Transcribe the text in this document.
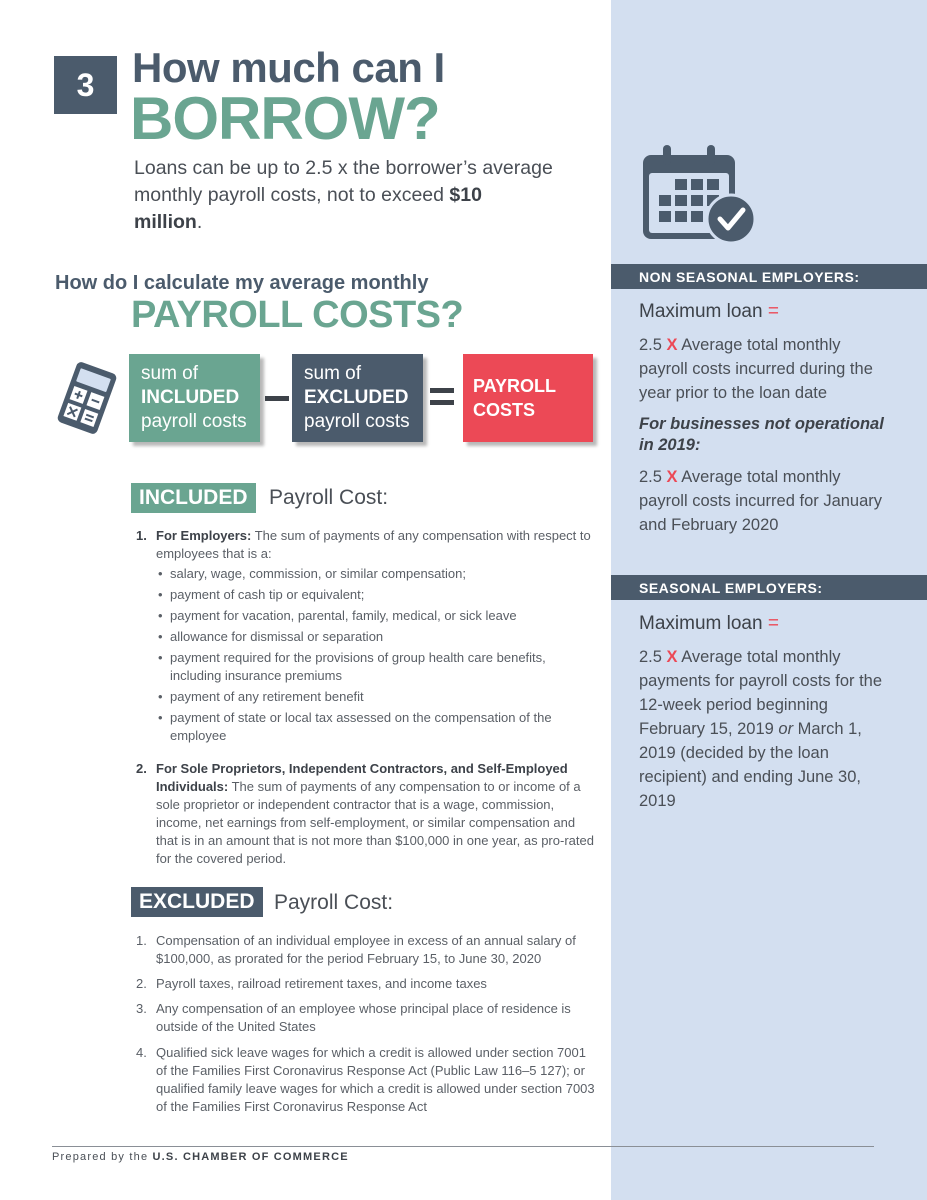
3 How much can I
BORROW?

Loans can be up to 2.5 x the borrower’s average monthly payroll costs, not to exceed $10 million.

How do I calculate my average monthly
PAYROLL COSTS?
sum of
INCLUDED
payroll costs
sum of
EXCLUDED
payroll costs
PAYROLL
COSTS
INCLUDED	Payroll Cost:
1. For Employers: The sum of payments of any compensation with respect to employees that is a:
• salary, wage, commission, or similar compensation;
• payment of cash tip or equivalent;
• payment for vacation, parental, family, medical, or sick leave
• allowance for dismissal or separation
• payment required for the provisions of group health care benefits, including insurance premiums
• payment of any retirement benefit
• payment of state or local tax assessed on the compensation of the employee
2. For Sole Proprietors, Independent Contractors, and Self-Employed Individuals: The sum of payments of any compensation to or income of a sole proprietor or independent contractor that is a wage, commission, income, net earnings from self-employment, or similar compensation and that is in an amount that is not more than $100,000 in one year, as pro-rated for the covered period.
EXCLUDED Payroll Cost:
1. Compensation of an individual employee in excess of an annual salary of $100,000, as prorated for the period February 15, to June 30, 2020
2. Payroll taxes, railroad retirement taxes, and income taxes
3. Any compensation of an employee whose principal place of residence is outside of the United States
4. Qualified sick leave wages for which a credit is allowed under section 7001 of the Families First Coronavirus Response Act (Public Law 116–5 127); or qualified family leave wages for which a credit is allowed under section 7003 of the Families First Coronavirus Response Act
Prepared by the U.S. CHAMBER OF COMMERCE
NON SEASONAL EMPLOYERS:
Maximum loan =

2.5 X Average total monthly payroll costs incurred during the year prior to the loan date

For businesses not operational in 2019:

2.5 X Average total monthly payroll costs incurred for January and February 2020

SEASONAL EMPLOYERS:
Maximum loan =

2.5 X Average total monthly payments for payroll costs for the 12-week period beginning February 15, 2019 or March 1, 2019 (decided by the loan recipient) and ending June 30, 2019
